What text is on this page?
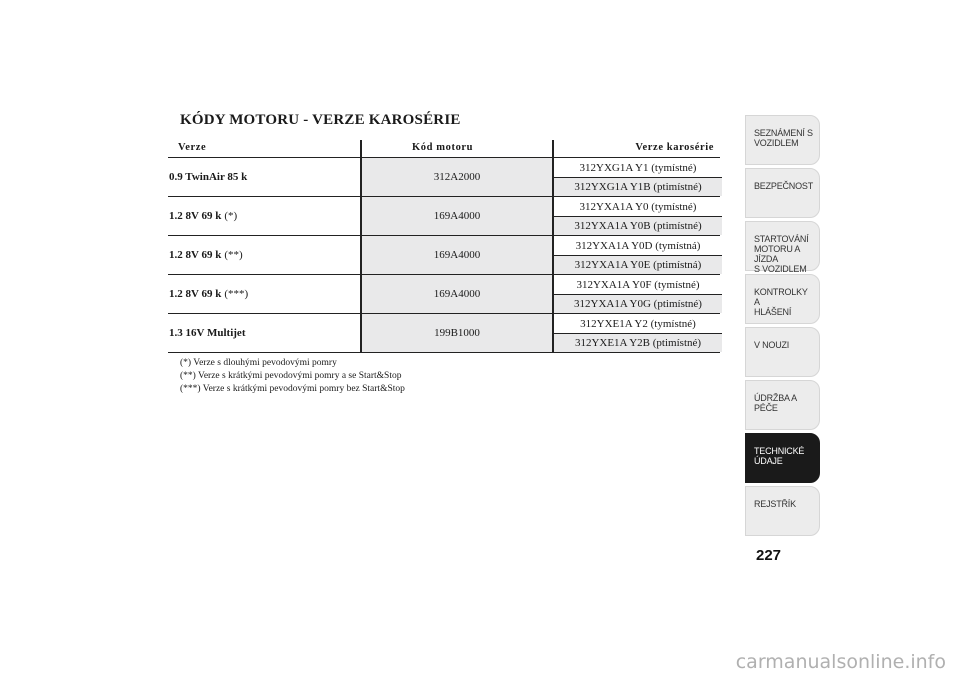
KÓDY MOTORU - VERZE KAROSÉRIE
Verze	Kód motoru	Verze karosérie
0.9 TwinAir 85 k	312A2000
312YXG1A Y1 (tymístné)
312YXG1A Y1B (ptimístné)
1.2 8V 69 k (*)	169A4000
312YXA1A Y0 (tymístné)
312YXA1A Y0B (ptimístné)
1.2 8V 69 k (**)	169A4000
312YXA1A Y0D (tymístná)
312YXA1A Y0E (ptimístná)
1.2 8V 69 k (***)	169A4000
312YXA1A Y0F (tymístné)
312YXA1A Y0G (ptimístné)
1.3 16V Multijet	199B1000
312YXE1A Y2 (tymístné)
312YXE1A Y2B (ptimístné)
(*) Verze s dlouhými pevodovými pomry
(**) Verze s krátkými pevodovými pomry a se Start&Stop
(***) Verze s krátkými pevodovými pomry bez Start&Stop
SEZNÁMENÍ S
VOZIDLEM
BEZPEČNOST
STARTOVÁNÍ
MOTORU A JÍZDA
S VOZIDLEM
KONTROLKY A
HLÁŠENÍ
V NOUZI
ÚDRŽBA A PÉČE
TECHNICKÉ
ÚDAJE
REJSTŘÍK
227
carmanualsonline.info
